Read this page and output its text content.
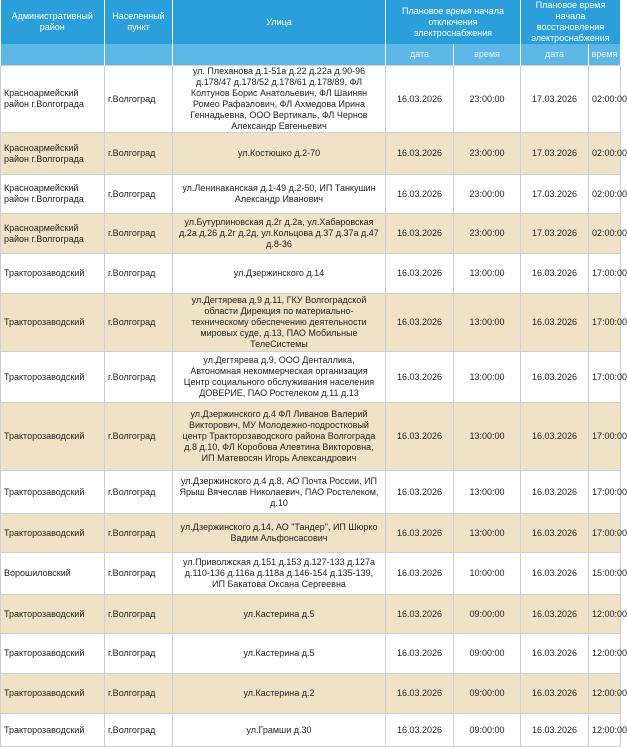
Административный район	Населенный пункт	Улица	Плановое время начала отключения электроснабжения		Плановое время начала восстановления электроснабжения	
			дата	время	дата	время
Красноармейский район г.Волгограда	г.Волгоград	ул. Плеханова д.1-51а д.22 д.22а д.90-96 д.178/47 д.178/52 д.178/61 д.178/89, ФЛ Колтунов Борис Анатольевич, ФЛ Шаинян Ромео Рафаэлович, ФЛ Ахмедова Ирина Геннадьевна, ООО Вертикаль, ФЛ Чернов Александр Евгеньевич	16.03.2026	23:00:00	17.03.2026	02:00:00
Красноармейский район г.Волгограда	г.Волгоград	ул.Костюшко д.2-70	16.03.2026	23:00:00	17.03.2026	02:00:00
Красноармейский район г.Волгограда	г.Волгоград	ул.Ленинаканская д.1-49 д.2-50, ИП Танкушин Александр Иванович	16.03.2026	23:00:00	17.03.2026	02:00:00
Красноармейский район г.Волгограда	г.Волгоград	ул.Бутурлиновская д.2г д.2а, ул.Хабаровская д.2а д.26 д.2г д.2д, ул.Кольцова д.37 д.37а д.47 д.8-36	16.03.2026	23:00:00	17.03.2026	02:00:00
Тракторозаводский	г.Волгоград	ул.Дзержинского д.14	16.03.2026	13:00:00	16.03.2026	17:00:00
Тракторозаводский	г.Волгоград	ул.Дегтярева д.9 д.11, ГКУ Волгоградской области Дирекция по материально-техническому обеспечению деятельности мировых суде, д.13, ПАО Мобильные ТелеСистемы	16.03.2026	13:00:00	16.03.2026	17:00:00
Тракторозаводский	г.Волгоград	ул.Дегтярева д.9, ООО Денталлика, Автономная некоммерческая организация Центр социального обслуживания населения ДОВЕРИЕ, ПАО Ростелеком д.11 д.13	16.03.2026	13:00:00	16.03.2026	17:00:00
Тракторозаводский	г.Волгоград	ул.Дзержинского д.4 ФЛ Ливанов Валерий Викторович, МУ Молодежно-подростковый центр Тракторозаводского района Волгограда д.8 д.10, ФЛ Коробова Алевтина Викторовна, ИП Матевосян Игорь Александрович	16.03.2026	13:00:00	16.03.2026	17:00:00
Тракторозаводский	г.Волгоград	ул.Дзержинского д.4 д.8, АО Почта России, ИП Ярыш Вячеслав Николаевич, ПАО Ростелеком, д.10	16.03.2026	13:00:00	16.03.2026	17:00:00
Тракторозаводский	г.Волгоград	ул.Дзержинского д.14, АО "Тандер", ИП Шюрко Вадим Альфонсасович	16.03.2026	13:00:00	16.03.2026	17:00:00
Ворошиловский	г.Волгоград	ул.Приволжская д.151 д.153 д.127-133 д.127а д.110-136 д.116а д.118а д.146-154 д.135-139, ИП Бакатова Оксана Сергеевна	16.03.2026	10:00:00	16.03.2026	15:00:00
Тракторозаводский	г.Волгоград	ул.Кастерина д.5	16.03.2026	09:00:00	16.03.2026	12:00:00
Тракторозаводский	г.Волгоград	ул.Кастерина д.5	16.03.2026	09:00:00	16.03.2026	12:00:00
Тракторозаводский	г.Волгоград	ул.Кастерина д.2	16.03.2026	09:00:00	16.03.2026	12:00:00
Тракторозаводский	г.Волгоград	ул.Грамши д.30	16.03.2026	09:00:00	16.03.2026	12:00:00
